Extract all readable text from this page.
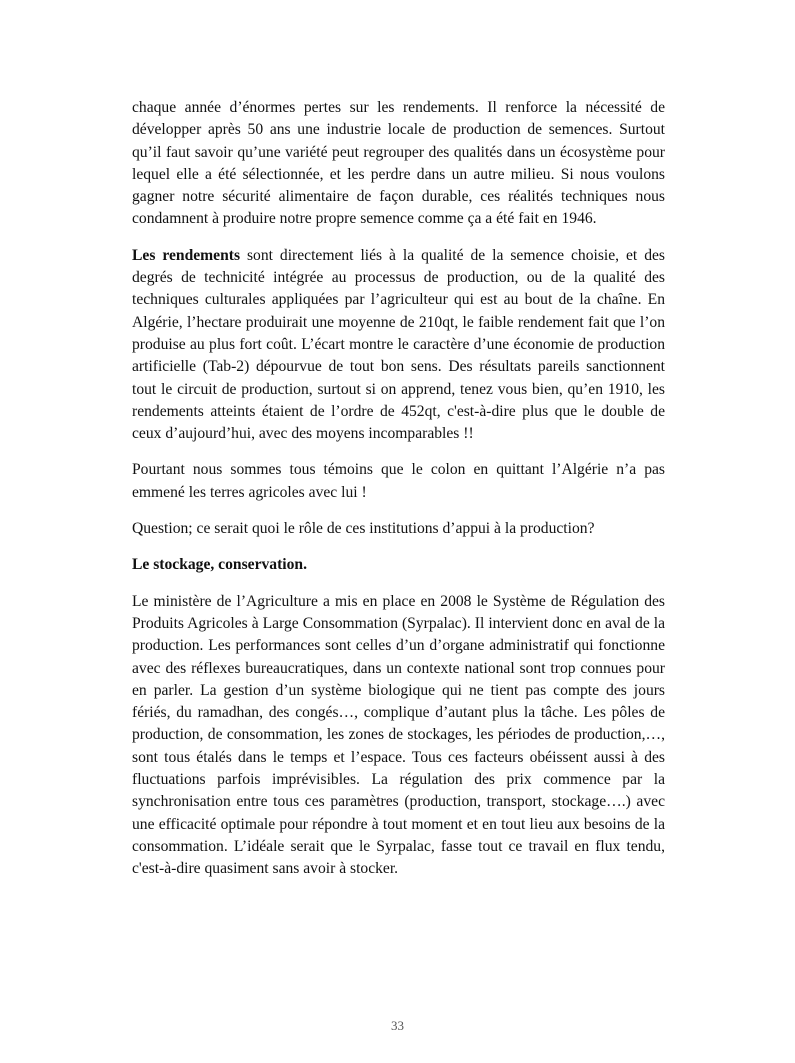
chaque année d’énormes pertes sur les rendements. Il renforce la nécessité de développer après 50 ans une industrie locale de production de semences. Surtout qu’il faut savoir qu’une variété peut regrouper des qualités dans un écosystème pour lequel elle a été sélectionnée, et les perdre dans un autre milieu. Si nous voulons gagner notre sécurité alimentaire de façon durable, ces réalités techniques nous condamnent à produire notre propre semence comme ça a été fait en 1946.

Les rendements sont directement liés à la qualité de la semence choisie, et des degrés de technicité intégrée au processus de production, ou de la qualité des techniques culturales appliquées par l’agriculteur qui est au bout de la chaîne. En Algérie, l’hectare produirait une moyenne de 210qt, le faible rendement fait que l’on produise au plus fort coût. L’écart montre le caractère d’une économie de production artificielle (Tab-2) dépourvue de tout bon sens. Des résultats pareils sanctionnent tout le circuit de production, surtout si on apprend, tenez vous bien, qu’en 1910, les rendements atteints étaient de l’ordre de 452qt, c'est-à-dire plus que le double de ceux d’aujourd’hui, avec des moyens incomparables !!

Pourtant nous sommes tous témoins que le colon en quittant l’Algérie n’a pas emmené les terres agricoles avec lui !

Question; ce serait quoi le rôle de ces institutions d’appui à la production?

Le stockage, conservation.

Le ministère de l’Agriculture a mis en place en 2008 le Système de Régulation des Produits Agricoles à Large Consommation (Syrpalac). Il intervient donc en aval de la production. Les performances sont celles d’un d’organe administratif qui fonctionne avec des réflexes bureaucratiques, dans un contexte national sont trop connues pour en parler. La gestion d’un système biologique qui ne tient pas compte des jours fériés, du ramadhan, des congés…, complique d’autant plus la tâche. Les pôles de production, de consommation, les zones de stockages, les périodes de production,…, sont tous étalés dans le temps et l’espace. Tous ces facteurs obéissent aussi à des fluctuations parfois imprévisibles. La régulation des prix commence par la synchronisation entre tous ces paramètres (production, transport, stockage….) avec une efficacité optimale pour répondre à tout moment et en tout lieu aux besoins de la consommation. L’idéale serait que le Syrpalac, fasse tout ce travail en flux tendu, c'est-à-dire quasiment sans avoir à stocker.

33
